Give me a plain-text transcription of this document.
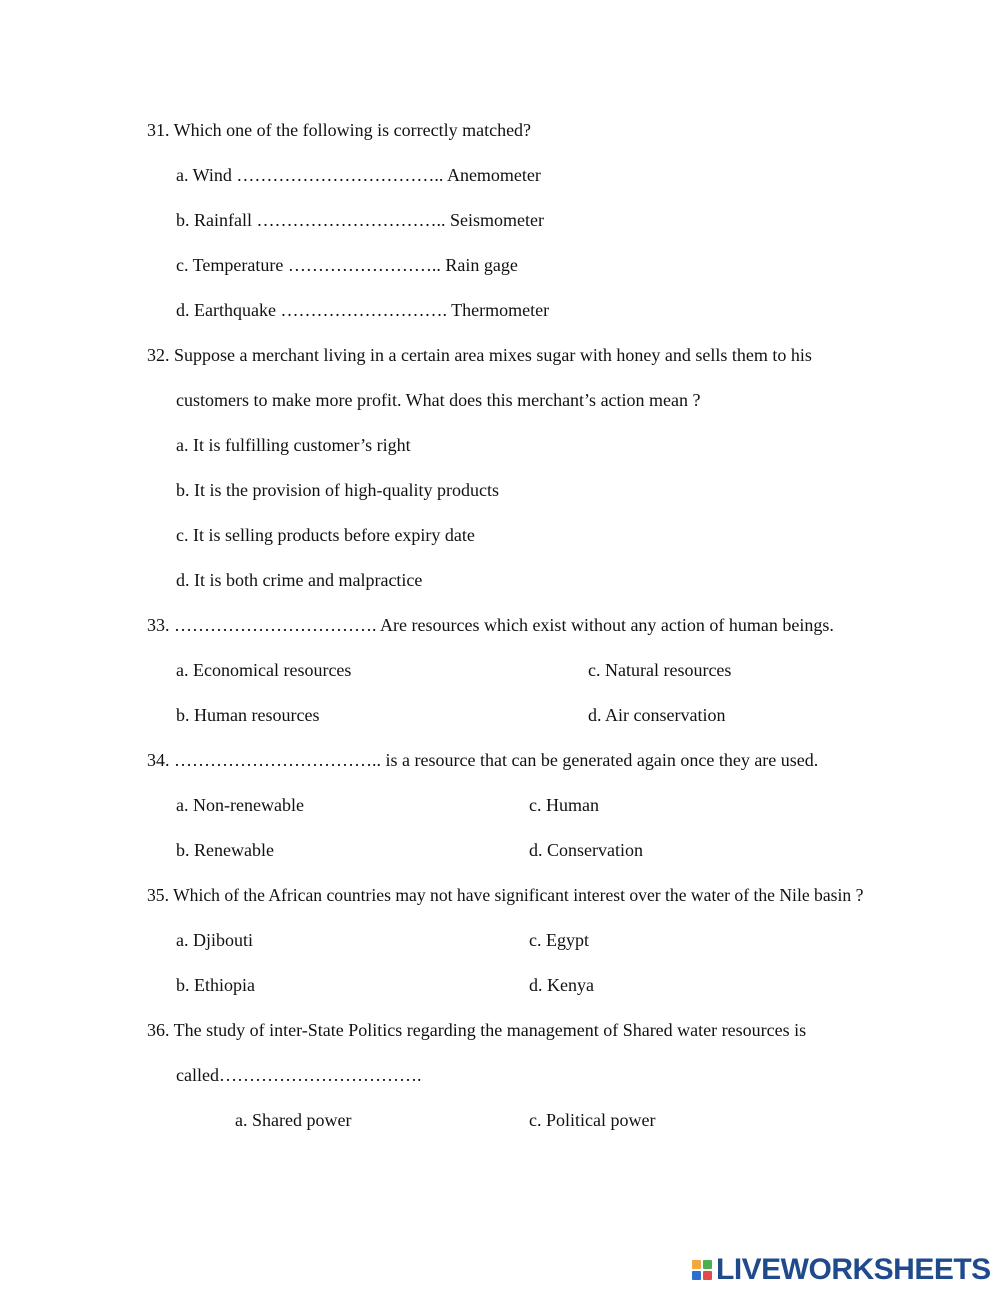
31. Which one of the following is correctly matched?
a. Wind …………………………….. Anemometer
b. Rainfall ………………………….. Seismometer
c. Temperature …………………….. Rain gage
d. Earthquake ………………………. Thermometer
32. Suppose a merchant living in a certain area mixes sugar with honey and sells them to his
customers to make more profit. What does this merchant’s action mean ?
a. It is fulfilling customer’s right
b. It is the provision of high-quality products
c. It is selling products before expiry date
d. It is both crime and malpractice
33. ……………………………. Are resources which exist without any action of human beings.
a. Economical resources	c. Natural resources
b. Human resources	d. Air conservation
34. …………………………….. is a resource that can be generated again once they are used.
a. Non-renewable	c. Human
b. Renewable	d. Conservation
35. Which of the African countries may not have significant interest over the water of the Nile basin ?
a. Djibouti	c. Egypt
b. Ethiopia	d. Kenya
36. The study of inter-State Politics regarding the management of Shared water resources is
called…………………………….
a. Shared power	c. Political power
LIVEWORKSHEETS
